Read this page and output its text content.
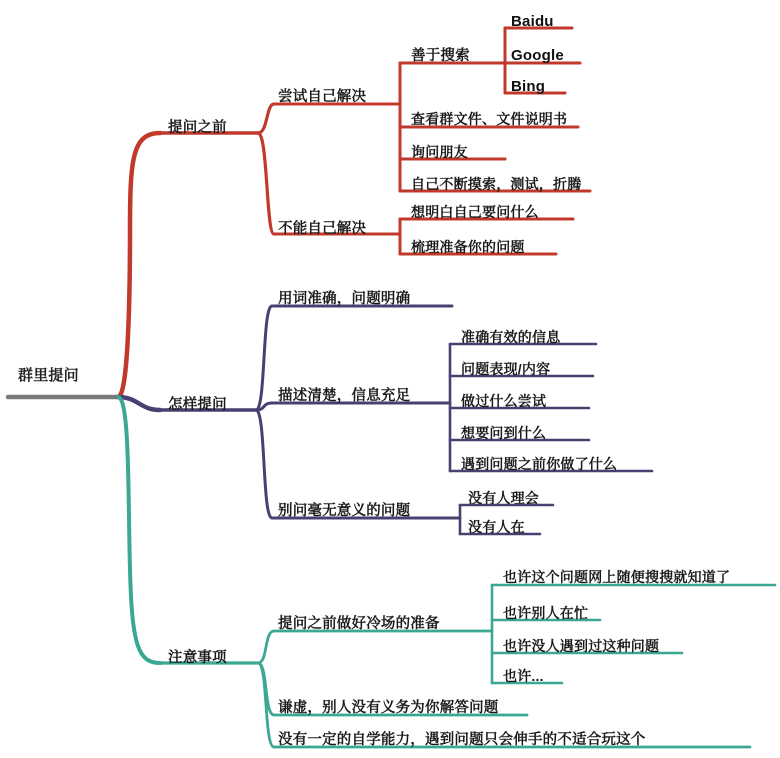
群里提问
提问之前
尝试自己解决
善于搜索
Baidu
Google
Bing
查看群文件、文件说明书
询问朋友
自己不断摸索，测试，折腾
不能自己解决
想明白自己要问什么
梳理准备你的问题
怎样提问
用词准确，问题明确
描述清楚，信息充足
准确有效的信息
问题表现/内容
做过什么尝试
想要问到什么
遇到问题之前你做了什么
别问毫无意义的问题
没有人理会
没有人在
注意事项
提问之前做好冷场的准备
也许这个问题网上随便搜搜就知道了
也许别人在忙
也许没人遇到过这种问题
也许...
谦虚，别人没有义务为你解答问题
没有一定的自学能力，遇到问题只会伸手的不适合玩这个
